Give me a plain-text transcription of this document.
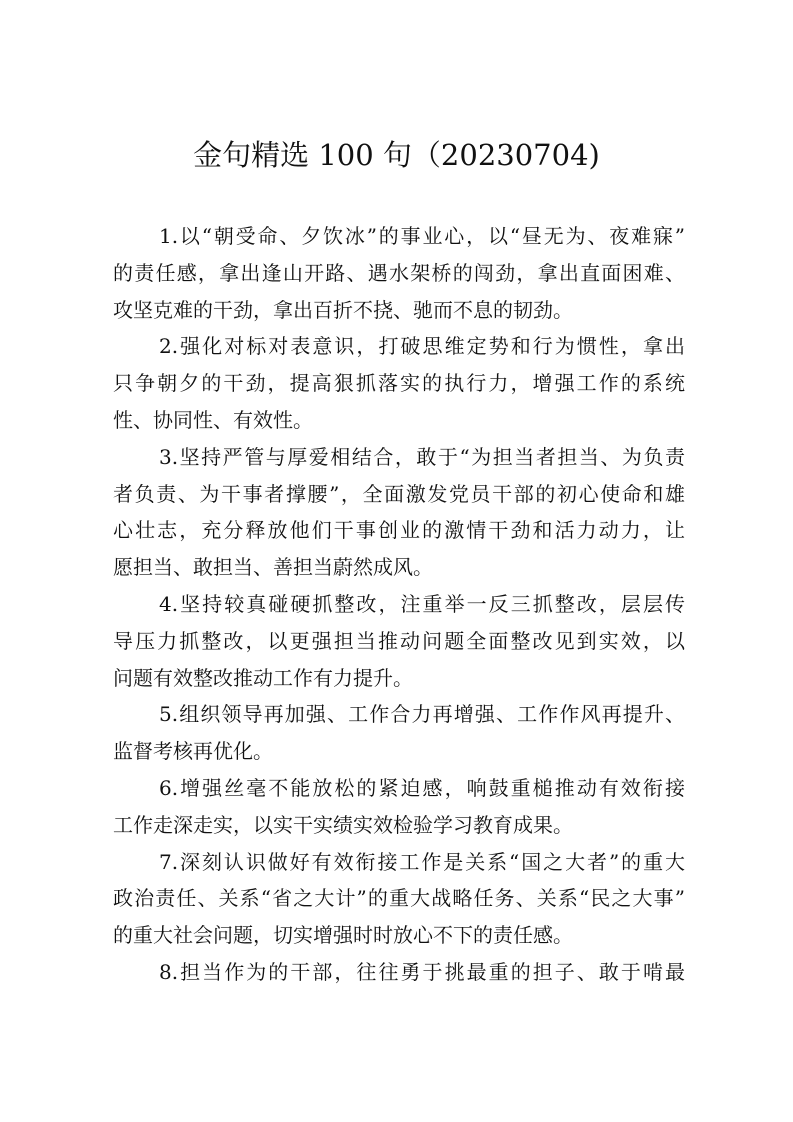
金句精选 100 句（20230704)
1.以“朝受命、夕饮冰”的事业心，以“昼无为、夜难寐”
的责任感，拿出逢山开路、遇水架桥的闯劲，拿出直面困难、
攻坚克难的干劲，拿出百折不挠、驰而不息的韧劲。
2.强化对标对表意识，打破思维定势和行为惯性，拿出
只争朝夕的干劲，提高狠抓落实的执行力，增强工作的系统
性、协同性、有效性。
3.坚持严管与厚爱相结合，敢于“为担当者担当、为负责
者负责、为干事者撑腰”，全面激发党员干部的初心使命和雄
心壮志，充分释放他们干事创业的激情干劲和活力动力，让
愿担当、敢担当、善担当蔚然成风。
4.坚持较真碰硬抓整改，注重举一反三抓整改，层层传
导压力抓整改，以更强担当推动问题全面整改见到实效，以
问题有效整改推动工作有力提升。
5.组织领导再加强、工作合力再增强、工作作风再提升、
监督考核再优化。
6.增强丝毫不能放松的紧迫感，响鼓重槌推动有效衔接
工作走深走实，以实干实绩实效检验学习教育成果。
7.深刻认识做好有效衔接工作是关系“国之大者”的重大
政治责任、关系“省之大计”的重大战略任务、关系“民之大事”
的重大社会问题，切实增强时时放心不下的责任感。
8.担当作为的干部，往往勇于挑最重的担子、敢于啃最
